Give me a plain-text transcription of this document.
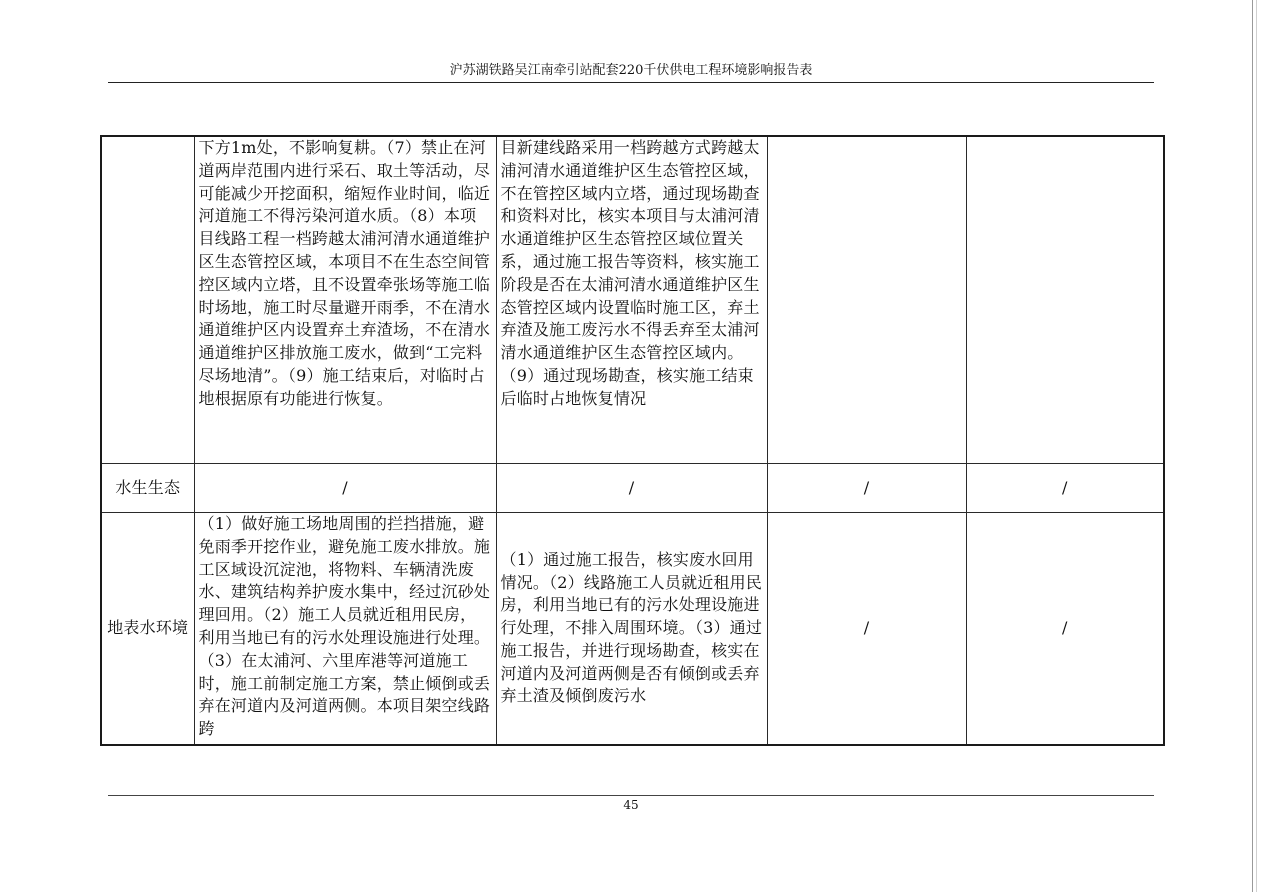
沪苏湖铁路吴江南牵引站配套220千伏供电工程环境影响报告表
	下方1m处，不影响复耕。（7）禁止在河道两岸范围内进行采石、取土等活动，尽可能减少开挖面积，缩短作业时间，临近河道施工不得污染河道水质。（8）本项目线路工程一档跨越太浦河清水通道维护区生态管控区域，本项目不在生态空间管控区域内立塔，且不设置牵张场等施工临时场地，施工时尽量避开雨季，不在清水通道维护区内设置弃土弃渣场，不在清水通道维护区排放施工废水，做到“工完料尽场地清”。（9）施工结束后，对临时占地根据原有功能进行恢复。	目新建线路采用一档跨越方式跨越太浦河清水通道维护区生态管控区域，不在管控区域内立塔，通过现场勘查和资料对比，核实本项目与太浦河清水通道维护区生态管控区域位置关系，通过施工报告等资料，核实施工阶段是否在太浦河清水通道维护区生态管控区域内设置临时施工区，弃土弃渣及施工废污水不得丢弃至太浦河清水通道维护区生态管控区域内。（9）通过现场勘查，核实施工结束后临时占地恢复情况		
水生生态	/	/	/	/
地表水环境	（1）做好施工场地周围的拦挡措施，避免雨季开挖作业，避免施工废水排放。施工区域设沉淀池，将物料、车辆清洗废水、建筑结构养护废水集中，经过沉砂处理回用。（2）施工人员就近租用民房，利用当地已有的污水处理设施进行处理。（3）在太浦河、六里库港等河道施工时，施工前制定施工方案，禁止倾倒或丢弃在河道内及河道两侧。本项目架空线路跨	（1）通过施工报告，核实废水回用情况。（2）线路施工人员就近租用民房，利用当地已有的污水处理设施进行处理，不排入周围环境。（3）通过施工报告，并进行现场勘查，核实在河道内及河道两侧是否有倾倒或丢弃弃土渣及倾倒废污水	/	/
45
